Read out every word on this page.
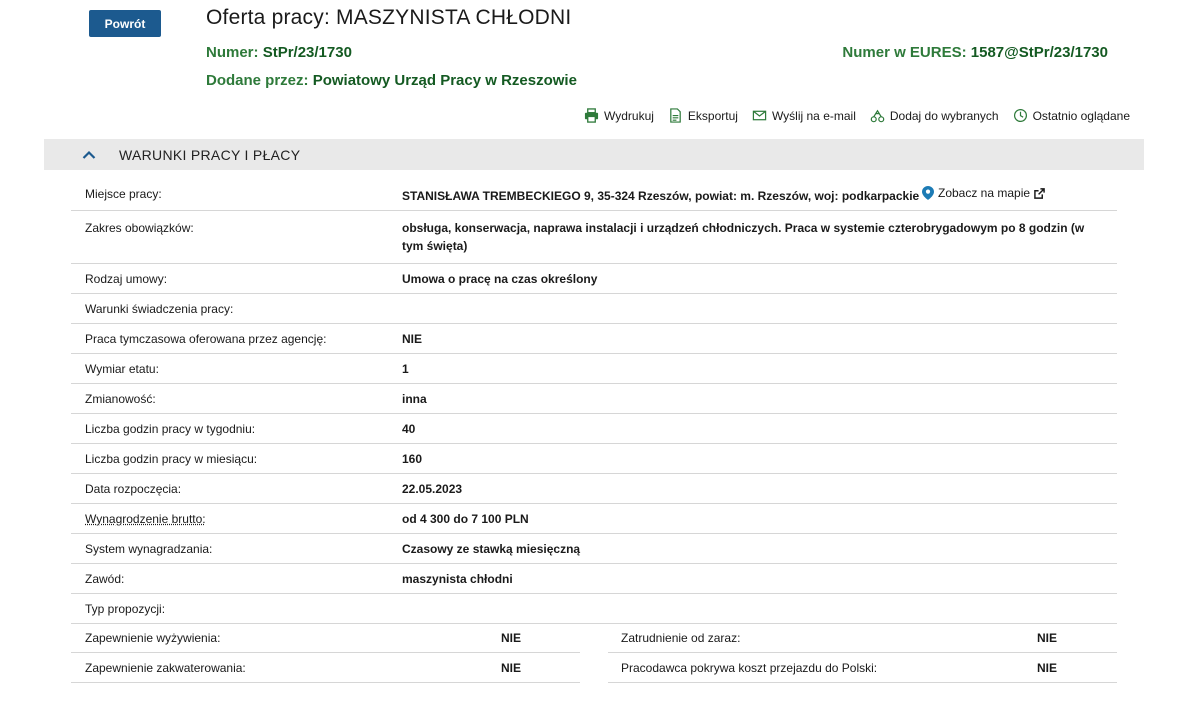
Powrót	Oferta pracy: MASZYNISTA CHŁODNI
Numer: StPr/23/1730	Numer w EURES: 1587@StPr/23/1730
Dodane przez: Powiatowy Urząd Pracy w Rzeszowie
Wydrukuj	Eksportuj	Wyślij na e-mail	Dodaj do wybranych	Ostatnio oglądane
WARUNKI PRACY I PŁACY
Miejsce pracy:	STANISŁAWA TREMBECKIEGO 9, 35-324 Rzeszów, powiat: m. Rzeszów, woj: podkarpackie	Zobacz na mapie
Zakres obowiązków:	obsługa, konserwacja, naprawa instalacji i urządzeń chłodniczych. Praca w systemie czterobrygadowym po 8 godzin (w tym święta)
Rodzaj umowy:	Umowa o pracę na czas określony
Warunki świadczenia pracy:
Praca tymczasowa oferowana przez agencję:	NIE
Wymiar etatu:	1
Zmianowość:	inna
Liczba godzin pracy w tygodniu:	40
Liczba godzin pracy w miesiącu:	160
Data rozpoczęcia:	22.05.2023
Wynagrodzenie brutto:	od 4 300 do 7 100 PLN
System wynagradzania:	Czasowy ze stawką miesięczną
Zawód:	maszynista chłodni
Typ propozycji:
Zapewnienie wyżywienia:	NIE	Zatrudnienie od zaraz:	NIE
Zapewnienie zakwaterowania:	NIE	Pracodawca pokrywa koszt przejazdu do Polski:	NIE
